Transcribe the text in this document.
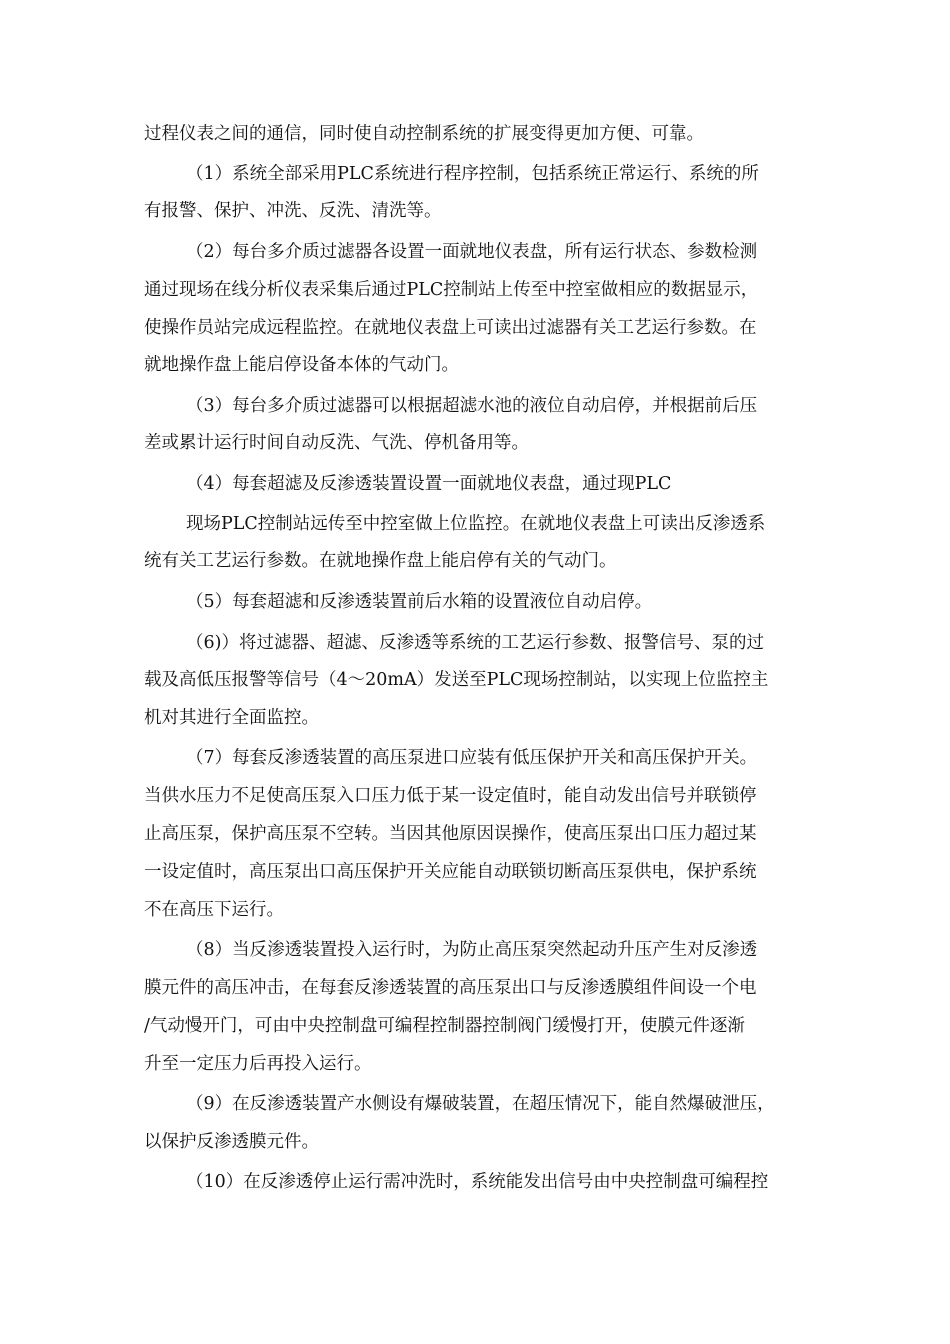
过程仪表之间的通信，同时使自动控制系统的扩展变得更加方便、可靠。
（1）系统全部采用PLC系统进行程序控制，包括系统正常运行、系统的所
有报警、保护、冲洗、反洗、清洗等。
（2）每台多介质过滤器各设置一面就地仪表盘，所有运行状态、参数检测
通过现场在线分析仪表采集后通过PLC控制站上传至中控室做相应的数据显示，
使操作员站完成远程监控。在就地仪表盘上可读出过滤器有关工艺运行参数。在
就地操作盘上能启停设备本体的气动门。
（3）每台多介质过滤器可以根据超滤水池的液位自动启停，并根据前后压
差或累计运行时间自动反洗、气洗、停机备用等。
（4）每套超滤及反渗透装置设置一面就地仪表盘，通过现PLC
现场PLC控制站远传至中控室做上位监控。在就地仪表盘上可读出反渗透系
统有关工艺运行参数。在就地操作盘上能启停有关的气动门。
（5）每套超滤和反渗透装置前后水箱的设置液位自动启停。
（6)）将过滤器、超滤、反渗透等系统的工艺运行参数、报警信号、泵的过
载及高低压报警等信号（4～20mA）发送至PLC现场控制站，以实现上位监控主
机对其进行全面监控。
（7）每套反渗透装置的高压泵进口应装有低压保护开关和高压保护开关。
当供水压力不足使高压泵入口压力低于某一设定值时，能自动发出信号并联锁停
止高压泵，保护高压泵不空转。当因其他原因误操作，使高压泵出口压力超过某
一设定值时，高压泵出口高压保护开关应能自动联锁切断高压泵供电，保护系统
不在高压下运行。
（8）当反渗透装置投入运行时，为防止高压泵突然起动升压产生对反渗透
膜元件的高压冲击，在每套反渗透装置的高压泵出口与反渗透膜组件间设一个电
/气动慢开门，可由中央控制盘可编程控制器控制阀门缓慢打开，使膜元件逐渐
升至一定压力后再投入运行。
（9）在反渗透装置产水侧设有爆破装置，在超压情况下，能自然爆破泄压，
以保护反渗透膜元件。
（10）在反渗透停止运行需冲洗时，系统能发出信号由中央控制盘可编程控
